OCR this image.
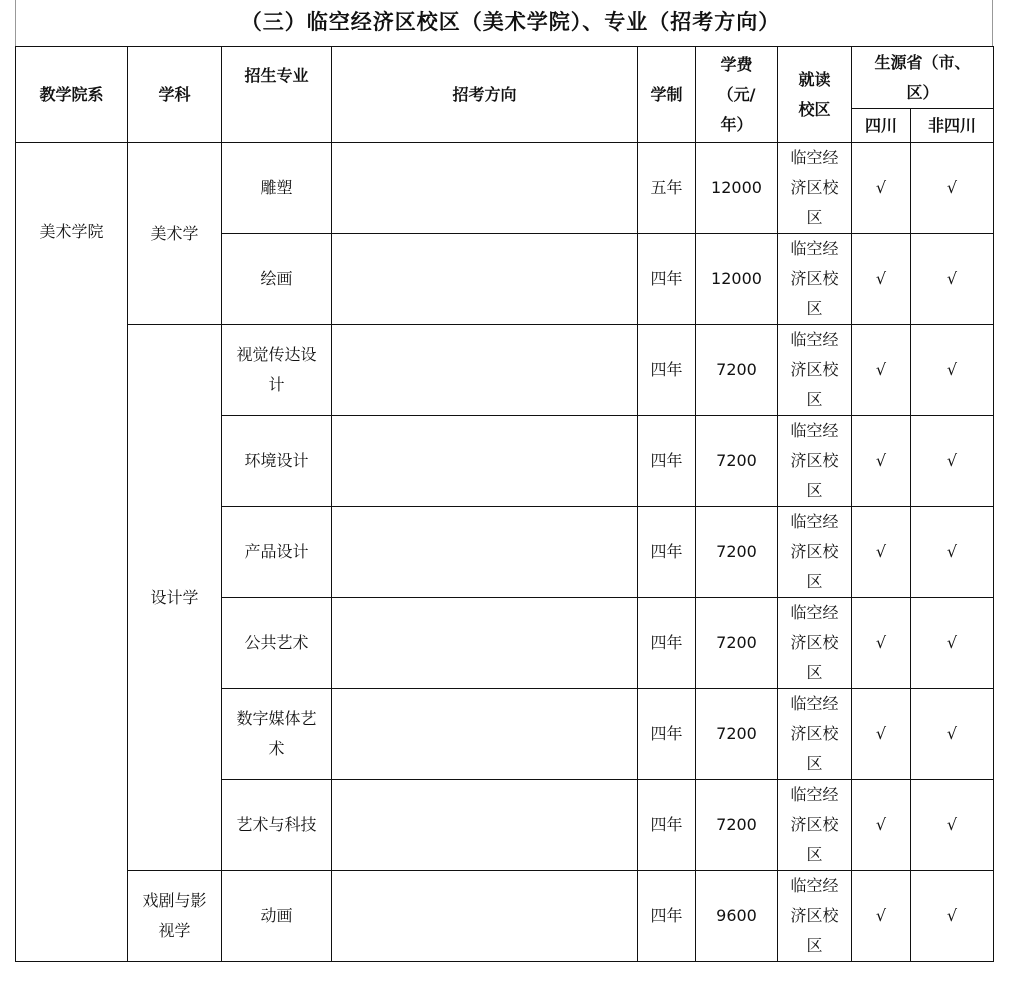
（三）临空经济区校区（美术学院）、专业（招考方向）
教学院系	学科	招生专业	招考方向	学制	学费（元/年）	就读校区	生源省（市、区）	
							四川	非四川
美术学院	美术学	雕塑		五年	12000	临空经济区校区	√	√
		绘画		四年	12000	临空经济区校区	√	√
	设计学	视觉传达设计		四年	7200	临空经济区校区	√	√
		环境设计		四年	7200	临空经济区校区	√	√
		产品设计		四年	7200	临空经济区校区	√	√
		公共艺术		四年	7200	临空经济区校区	√	√
		数字媒体艺术		四年	7200	临空经济区校区	√	√
		艺术与科技		四年	7200	临空经济区校区	√	√
	戏剧与影视学	动画		四年	9600	临空经济区校区	√	√
